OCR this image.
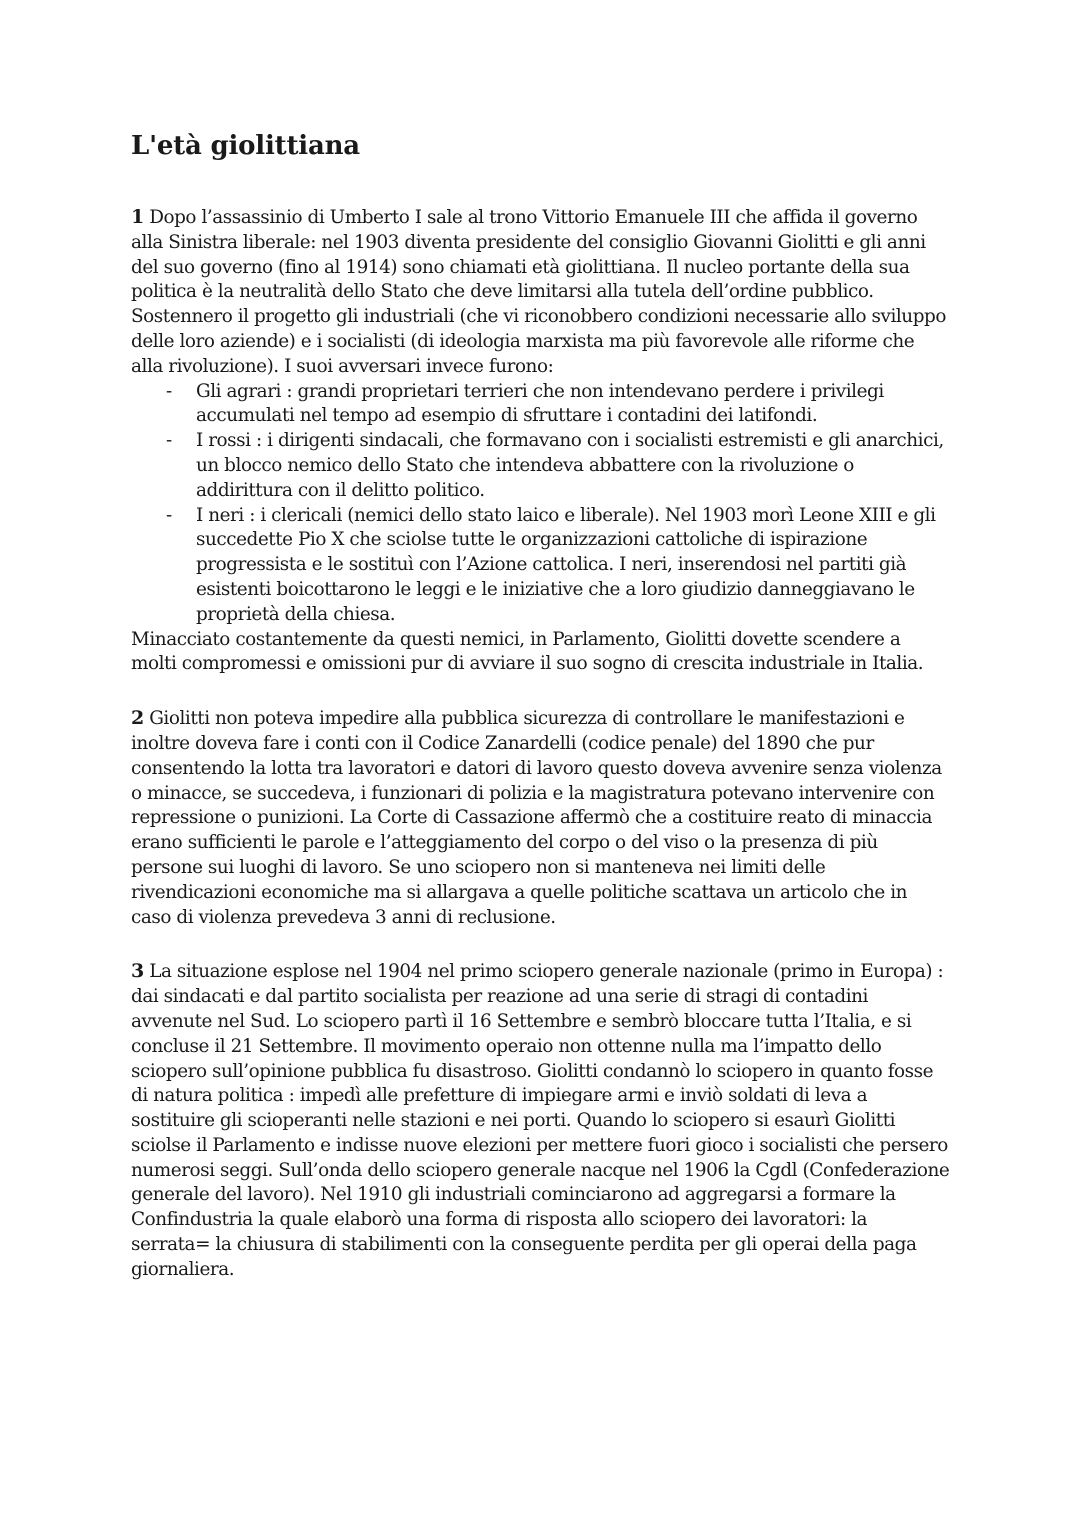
L'età giolittiana

1 Dopo l’assassinio di Umberto I sale al trono Vittorio Emanuele III che affida il governo alla Sinistra liberale: nel 1903 diventa presidente del consiglio Giovanni Giolitti e gli anni del suo governo (fino al 1914) sono chiamati età giolittiana. Il nucleo portante della sua politica è la neutralità dello Stato che deve limitarsi alla tutela dell’ordine pubblico. Sostennero il progetto gli industriali (che vi riconobbero condizioni necessarie allo sviluppo delle loro aziende) e i socialisti (di ideologia marxista ma più favorevole alle riforme che alla rivoluzione). I suoi avversari invece furono:

- Gli agrari : grandi proprietari terrieri che non intendevano perdere i privilegi accumulati nel tempo ad esempio di sfruttare i contadini dei latifondi.
- I rossi : i dirigenti sindacali, che formavano con i socialisti estremisti e gli anarchici, un blocco nemico dello Stato che intendeva abbattere con la rivoluzione o addirittura con il delitto politico.
- I neri : i clericali (nemici dello stato laico e liberale). Nel 1903 morì Leone XIII e gli succedette Pio X che sciolse tutte le organizzazioni cattoliche di ispirazione progressista e le sostituì con l’Azione cattolica. I neri, inserendosi nel partiti già esistenti boicottarono le leggi e le iniziative che a loro giudizio danneggiavano le proprietà della chiesa.

Minacciato costantemente da questi nemici, in Parlamento, Giolitti dovette scendere a molti compromessi e omissioni pur di avviare il suo sogno di crescita industriale in Italia.

2 Giolitti non poteva impedire alla pubblica sicurezza di controllare le manifestazioni e inoltre doveva fare i conti con il Codice Zanardelli (codice penale) del 1890 che pur consentendo la lotta tra lavoratori e datori di lavoro questo doveva avvenire senza violenza o minacce, se succedeva, i funzionari di polizia e la magistratura potevano intervenire con repressione o punizioni. La Corte di Cassazione affermò che a costituire reato di minaccia erano sufficienti le parole e l’atteggiamento del corpo o del viso o la presenza di più persone sui luoghi di lavoro. Se uno sciopero non si manteneva nei limiti delle rivendicazioni economiche ma si allargava a quelle politiche scattava un articolo che in caso di violenza prevedeva 3 anni di reclusione.

3 La situazione esplose nel 1904 nel primo sciopero generale nazionale (primo in Europa) : dai sindacati e dal partito socialista per reazione ad una serie di stragi di contadini avvenute nel Sud. Lo sciopero partì il 16 Settembre e sembrò bloccare tutta l’Italia, e si concluse il 21 Settembre. Il movimento operaio non ottenne nulla ma l’impatto dello sciopero sull’opinione pubblica fu disastroso. Giolitti condannò lo sciopero in quanto fosse di natura politica : impedì alle prefetture di impiegare armi e inviò soldati di leva a sostituire gli scioperanti nelle stazioni e nei porti. Quando lo sciopero si esaurì Giolitti sciolse il Parlamento e indisse nuove elezioni per mettere fuori gioco i socialisti che persero numerosi seggi. Sull’onda dello sciopero generale nacque nel 1906 la Cgdl (Confederazione generale del lavoro). Nel 1910 gli industriali cominciarono ad aggregarsi a formare la Confindustria la quale elaborò una forma di risposta allo sciopero dei lavoratori: la serrata= la chiusura di stabilimenti con la conseguente perdita per gli operai della paga giornaliera.
